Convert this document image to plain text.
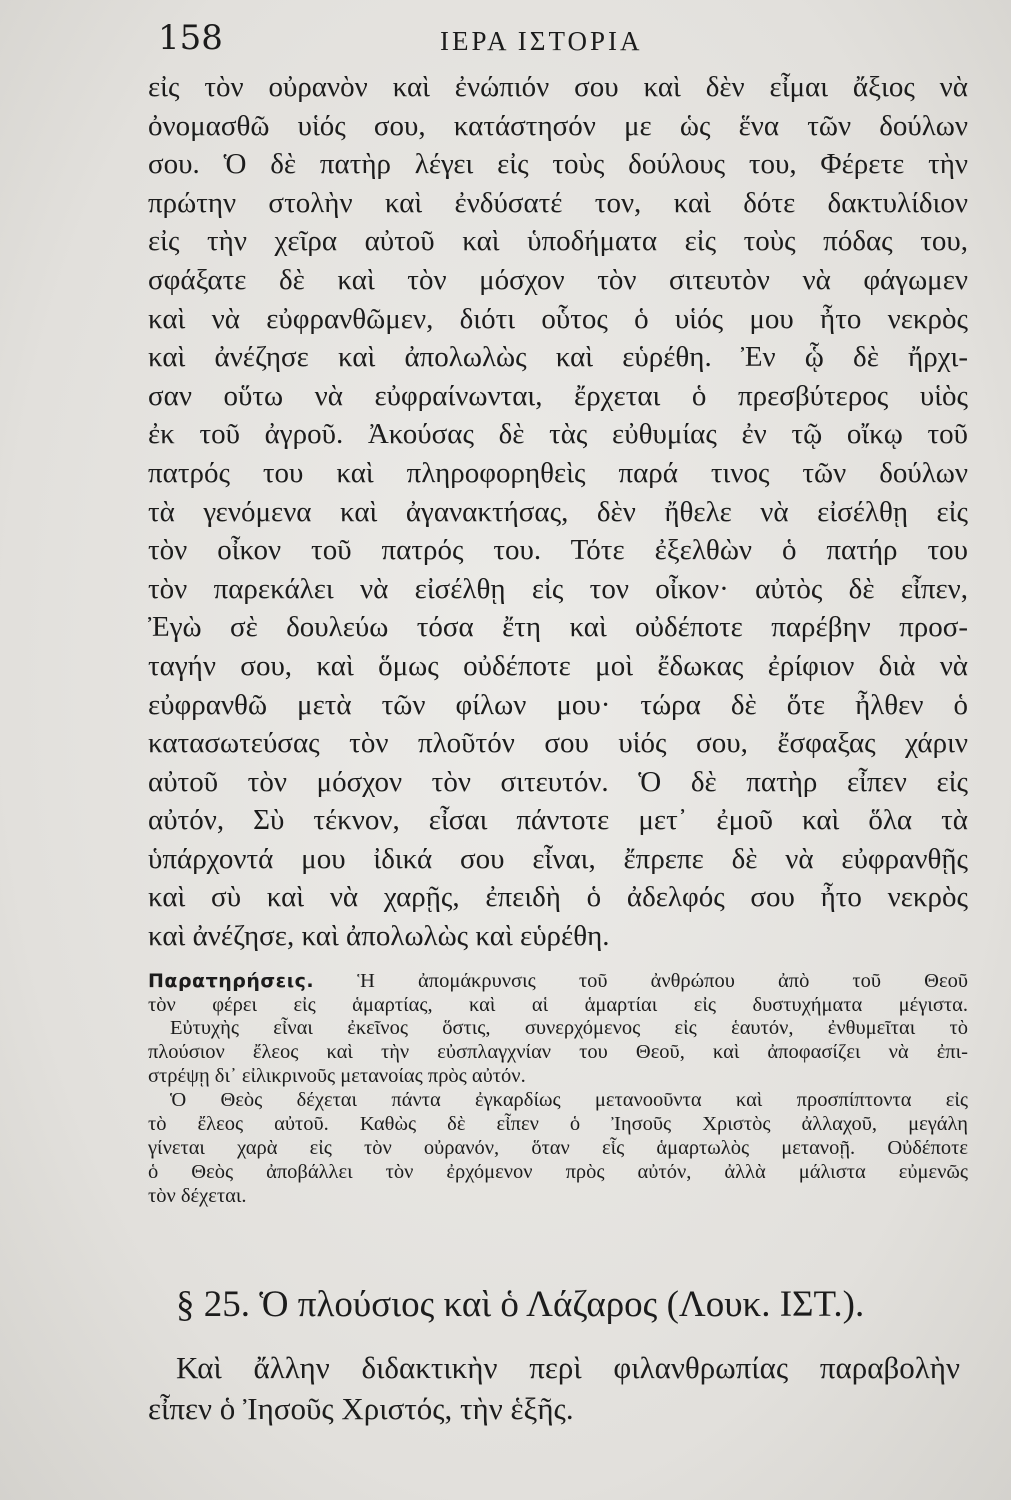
158	ΙΕΡΑ ΙΣΤΟΡΙΑ
εἰς τὸν οὐρανὸν καὶ ἐνώπιόν σου καὶ δὲν εἶμαι ἄξιος νὰ
ὀνομασθῶ υἱός σου, κατάστησόν με ὡς ἕνα τῶν δούλων
σου. Ὁ δὲ πατὴρ λέγει εἰς τοὺς δούλους του, Φέρετε τὴν
πρώτην στολὴν καὶ ἐνδύσατέ τον, καὶ δότε δακτυλίδιον
εἰς τὴν χεῖρα αὐτοῦ καὶ ὑποδήματα εἰς τοὺς πόδας του,
σφάξατε δὲ καὶ τὸν μόσχον τὸν σιτευτὸν νὰ φάγωμεν
καὶ νὰ εὐφρανθῶμεν, διότι οὗτος ὁ υἱός μου ἦτο νεκρὸς
καὶ ἀνέζησε καὶ ἀπολωλὼς καὶ εὑρέθη. Ἐν ᾧ δὲ ἤρχι-
σαν οὕτω νὰ εὐφραίνωνται, ἔρχεται ὁ πρεσβύτερος υἱὸς
ἐκ τοῦ ἀγροῦ. Ἀκούσας δὲ τὰς εὐθυμίας ἐν τῷ οἴκῳ τοῦ
πατρός του καὶ πληροφορηθεὶς παρά τινος τῶν δούλων
τὰ γενόμενα καὶ ἀγανακτήσας, δὲν ἤθελε νὰ εἰσέλθῃ εἰς
τὸν οἶκον τοῦ πατρός του. Τότε ἐξελθὼν ὁ πατήρ του
τὸν παρεκάλει νὰ εἰσέλθῃ εἰς τον οἶκον· αὐτὸς δὲ εἶπεν,
Ἐγὼ σὲ δουλεύω τόσα ἔτη καὶ οὐδέποτε παρέβην προσ-
ταγήν σου, καὶ ὅμως οὐδέποτε μοὶ ἔδωκας ἐρίφιον διὰ νὰ
εὐφρανθῶ μετὰ τῶν φίλων μου· τώρα δὲ ὅτε ἦλθεν ὁ
κατασωτεύσας τὸν πλοῦτόν σου υἱός σου, ἔσφαξας χάριν
αὐτοῦ τὸν μόσχον τὸν σιτευτόν. Ὁ δὲ πατὴρ εἶπεν εἰς
αὐτόν, Σὺ τέκνον, εἶσαι πάντοτε μετ᾿ ἐμοῦ καὶ ὅλα τὰ
ὑπάρχοντά μου ἰδικά σου εἶναι, ἔπρεπε δὲ νὰ εὐφρανθῇς
καὶ σὺ καὶ νὰ χαρῇς, ἐπειδὴ ὁ ἀδελφός σου ἦτο νεκρὸς
καὶ ἀνέζησε, καὶ ἀπολωλὼς καὶ εὑρέθη.
Παρατηρήσεις. Ἡ ἀπομάκρυνσις τοῦ ἀνθρώπου ἀπὸ τοῦ Θεοῦ
τὸν φέρει εἰς ἁμαρτίας, καὶ αἱ ἁμαρτίαι εἰς δυστυχήματα μέγιστα.
Εὐτυχὴς εἶναι ἐκεῖνος ὅστις, συνερχόμενος εἰς ἑαυτόν, ἐνθυμεῖται τὸ
πλούσιον ἔλεος καὶ τὴν εὐσπλαγχνίαν του Θεοῦ, καὶ ἀποφασίζει νὰ ἐπι-
στρέψῃ δι᾿ εἰλικρινοῦς μετανοίας πρὸς αὐτόν.
Ὁ Θεὸς δέχεται πάντα ἐγκαρδίως μετανοοῦντα καὶ προσπίπτοντα εἰς
τὸ ἔλεος αὐτοῦ. Καθὼς δὲ εἶπεν ὁ Ἰησοῦς Χριστὸς ἀλλαχοῦ, μεγάλη
γίνεται χαρὰ εἰς τὸν οὐρανόν, ὅταν εἷς ἁμαρτωλὸς μετανοῇ. Οὐδέποτε
ὁ Θεὸς ἀποβάλλει τὸν ἐρχόμενον πρὸς αὐτόν, ἀλλὰ μάλιστα εὐμενῶς
τὸν δέχεται.
§ 25. Ὁ πλούσιος καὶ ὁ Λάζαρος (Λουκ. ΙΣΤ.).
Καὶ ἄλλην διδακτικὴν περὶ φιλανθρωπίας παραβολὴν
εἶπεν ὁ Ἰησοῦς Χριστός, τὴν ἑξῆς.
